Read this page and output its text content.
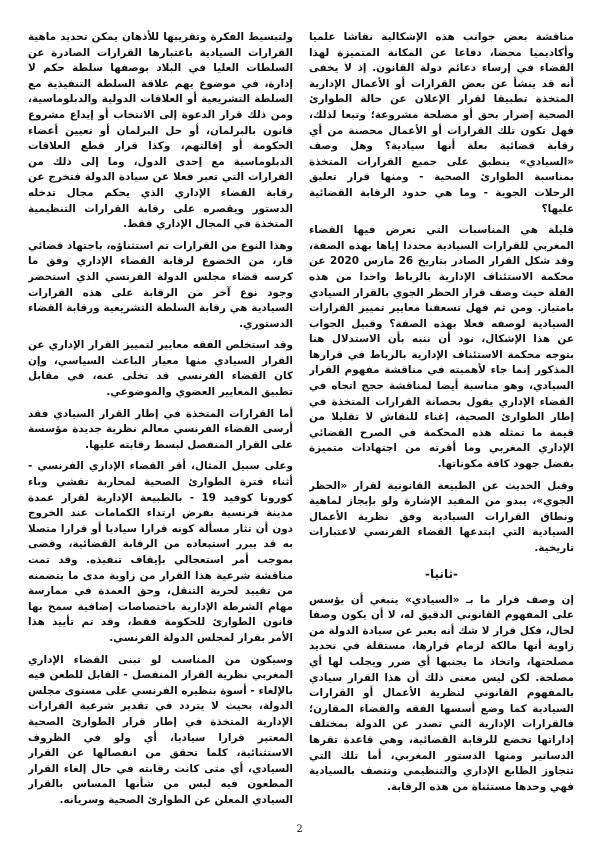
مناقشة بعض جوانب هذه الإشكالية نقاشا علميا وأكاديميا محضا، دفاعا عن المكانة المتميزة لهذا القضاء في إرساء دعائم دولة القانون. إذ لا يخفى أنه قد ينشأ عن بعض القرارات أو الأعمال الإدارية المتخذة تطبيقا لقرار الإعلان عن حالة الطوارئ الصحية إضرار بحق أو مصلحة مشروعة؛ وتبعا لذلك، فهل تكون تلك القرارات أو الأعمال محصنة من أي رقابة قضائية بعلة أنها سيادية؟ وهل وصف «السيادي» ينطبق على جميع القرارات المتخذة بمناسبة الطوارئ الصحية - ومنها قرار تعليق الرحلات الجوية - وما هي حدود الرقابة القضائية عليها؟

قليلة هي المناسبات التي تعرض فيها القضاء المغربي للقرارات السيادية محددا إياها بهذه الصفة، وقد شكل القرار الصادر بتاريخ 26 مارس 2020 عن محكمة الاستئناف الإدارية بالرباط واحدا من هذه القلة حيث وصف قرار الحظر الجوي بالقرار السيادي بامتياز. ومن ثم فهل تسعفنا معايير تمييز القرارات السيادية لوصفه فعلا بهذه الصفة؟ وقبيل الجواب عن هذا الإشكال، نود أن ننبه بأن الاستدلال هنا بتوجه محكمة الاستئناف الإدارية بالرباط في قرارها المذكور إنما جاء لأهميته في مناقشة مفهوم القرار السيادي، وهو مناسبة أيضا لمناقشة حجج اتجاه في القضاء الإداري يقول بحصانة القرارات المتخذة في إطار الطوارئ الصحية، إغناء للنقاش لا تقليلا من قيمة ما تمثله هذه المحكمة في الصرح القضائي الإداري المغربي وما أقرته من اجتهادات متميزة بفضل جهود كافة مكوناتها.

وقبل الحديث عن الطبيعة القانونية لقرار «الحظر الجوي»، يبدو من المفيد الإشارة ولو بإيجاز لماهية ونطاق القرارات السيادية وفق نظرية الأعمال السيادية التي ابتدعها القضاء الفرنسي لاعتبارات تاريخية.

-ثانيا-

إن وصف قرار ما بـ «السيادي» ينبغي أن يؤسس على المفهوم القانوني الدقيق له، لا أن يكون وصفا لحال، فكل قرار لا شك أنه يعبر عن سيادة الدولة من زاوية أنها مالكة لزمام قرارها، مستقلة في تحديد مصلحتها، واتخاذ ما يجنبها أي ضرر ويجلب لها أي مصلحة. لكن ليس معنى ذلك أن هذا القرار سيادي بالمفهوم القانوني لنظرية الأعمال أو القرارات السيادية كما وضع أسسها الفقه والقضاء المقارن؛ فالقرارات الإدارية التي تصدر عن الدولة بمختلف إداراتها تخضع للرقابة القضائية، وهي قاعدة تقرها الدساتير ومنها الدستور المغربي، أما تلك التي تتجاوز الطابع الإداري والتنظيمي وتتصف بالسيادية فهي وحدها مستثناة من هذه الرقابة.

ولتبسيط الفكرة وتقريبها للأذهان يمكن تحديد ماهية القرارات السيادية باعتبارها القرارات الصادرة عن السلطات العليا في البلاد بوصفها سلطة حكم لا إدارة، في موضوع يهم علاقة السلطة التنفيذية مع السلطة التشريعية أو العلاقات الدولية والدبلوماسية، ومن ذلك قرار الدعوة إلى الانتخاب أو إيداع مشروع قانون بالبرلمان، أو حل البرلمان أو تعيين أعضاء الحكومة أو إقالتهم، وكذا قرار قطع العلاقات الدبلوماسية مع إحدى الدول، وما إلى ذلك من القرارات التي تعبر فعلا عن سيادة الدولة فتخرج عن رقابة القضاء الإداري الذي يحكم مجال تدخله الدستور ويقصره على رقابة القرارات التنظيمية المتخذة في المجال الإداري فقط.

وهذا النوع من القرارات تم استثناؤه، باجتهاد قضائي قار، من الخضوع لرقابة القضاء الإداري وفق ما كرسه قضاء مجلس الدولة الفرنسي الذي استحضر وجود نوع آخر من الرقابة على هذه القرارات السيادية هي رقابة السلطة التشريعية ورقابة القضاء الدستوري.

وقد استخلص الفقه معايير لتمييز القرار الإداري عن القرار السيادي منها معيار الباعث السياسي، وإن كان القضاء الفرنسي قد تخلى عنه، في مقابل تطبيق المعايير العضوي والموضوعي.

أما القرارات المتخذة في إطار القرار السيادي فقد أرسى القضاء الفرنسي معالم نظرية جديدة مؤسسة على القرار المنفصل لبسط رقابته عليها.

وعلى سبيل المثال، أقر القضاء الإداري الفرنسي - أثناء فترة الطوارئ الصحية لمحاربة تفشي وباء كورونا كوفيد 19 - بالطبيعة الإدارية لقرار عمدة مدينة فرنسية بفرض ارتداء الكمامات عند الخروج دون أن تثار مسألة كونه قرارا سياديا أو قرارا متصلا به قد يبرر استبعاده من الرقابة القضائية، وقضى بموجب أمر استعجالي بإيقاف تنفيذه. وقد تمت مناقشة شرعية هذا القرار من زاوية مدى ما يتضمنه من تقييد لحرية التنقل، وحق العمدة في ممارسة مهام الشرطة الإدارية باختصاصات إضافية سمح بها قانون الطوارئ للحكومة فقط، وقد تم تأييد هذا الأمر بقرار لمجلس الدولة الفرنسي.

وسيكون من المناسب لو تبنى القضاء الإداري المغربي نظرية القرار المنفصل - القابل للطعن فيه بالإلغاء - أسوة بنظيره الفرنسي على مستوى مجلس الدولة، بحيث لا يتردد في تقدير شرعية القرارات الإدارية المتخذة في إطار قرار الطوارئ الصحية المعتبر قرارا سياديا، أي ولو في الظروف الاستثنائية، كلما تحقق من انفصالها عن القرار السيادي، أي متى كانت رقابته في حال إلغاء القرار المطعون فيه ليس من شأنها المساس بالقرار السيادي المعلن عن الطوارئ الصحية وسريانه.

2
